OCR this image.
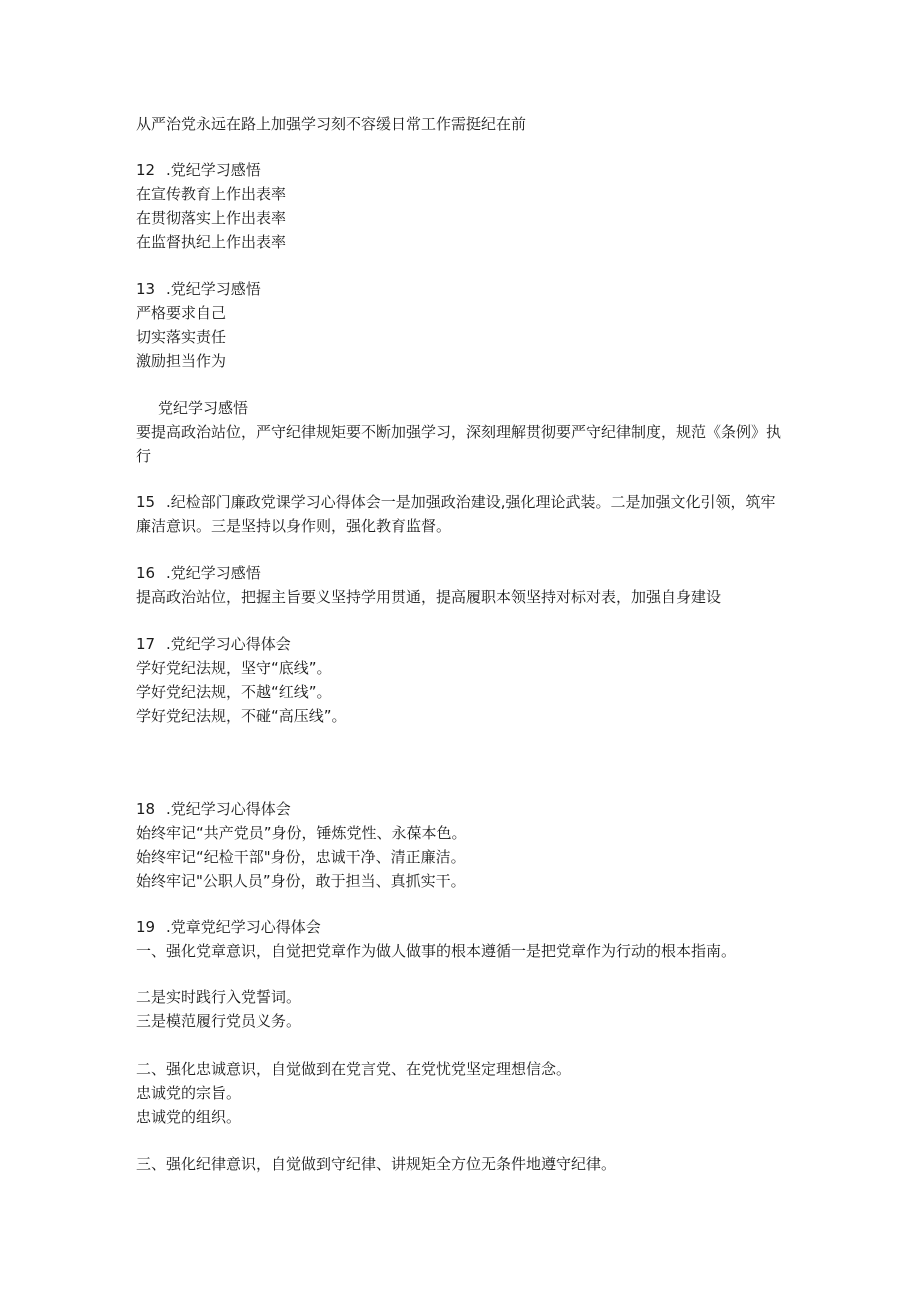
从严治党永远在路上加强学习刻不容缓日常工作需挺纪在前
12 .党纪学习感悟
在宣传教育上作出表率
在贯彻落实上作出表率
在监督执纪上作出表率
13 .党纪学习感悟
严格要求自己
切实落实责任
激励担当作为
党纪学习感悟
要提高政治站位，严守纪律规矩要不断加强学习，深刻理解贯彻要严守纪律制度，规范《条例》执行
15 .纪检部门廉政党课学习心得体会一是加强政治建设,强化理论武装。二是加强文化引领，筑牢廉洁意识。三是坚持以身作则，强化教育监督。
16 .党纪学习感悟
提高政治站位，把握主旨要义坚持学用贯通，提高履职本领坚持对标对表，加强自身建设
17 .党纪学习心得体会
学好党纪法规，坚守“底线”。
学好党纪法规，不越“红线”。
学好党纪法规，不碰“高压线”。
18 .党纪学习心得体会
始终牢记“共产党员”身份，锤炼党性、永葆本色。
始终牢记“纪检干部"身份，忠诚干净、清正廉洁。
始终牢记"公职人员”身份，敢于担当、真抓实干。
19 .党章党纪学习心得体会
一、强化党章意识，自觉把党章作为做人做事的根本遵循一是把党章作为行动的根本指南。
二是实时践行入党誓词。
三是模范履行党员义务。
二、强化忠诚意识，自觉做到在党言党、在党忧党坚定理想信念。
忠诚党的宗旨。
忠诚党的组织。
三、强化纪律意识，自觉做到守纪律、讲规矩全方位无条件地遵守纪律。
